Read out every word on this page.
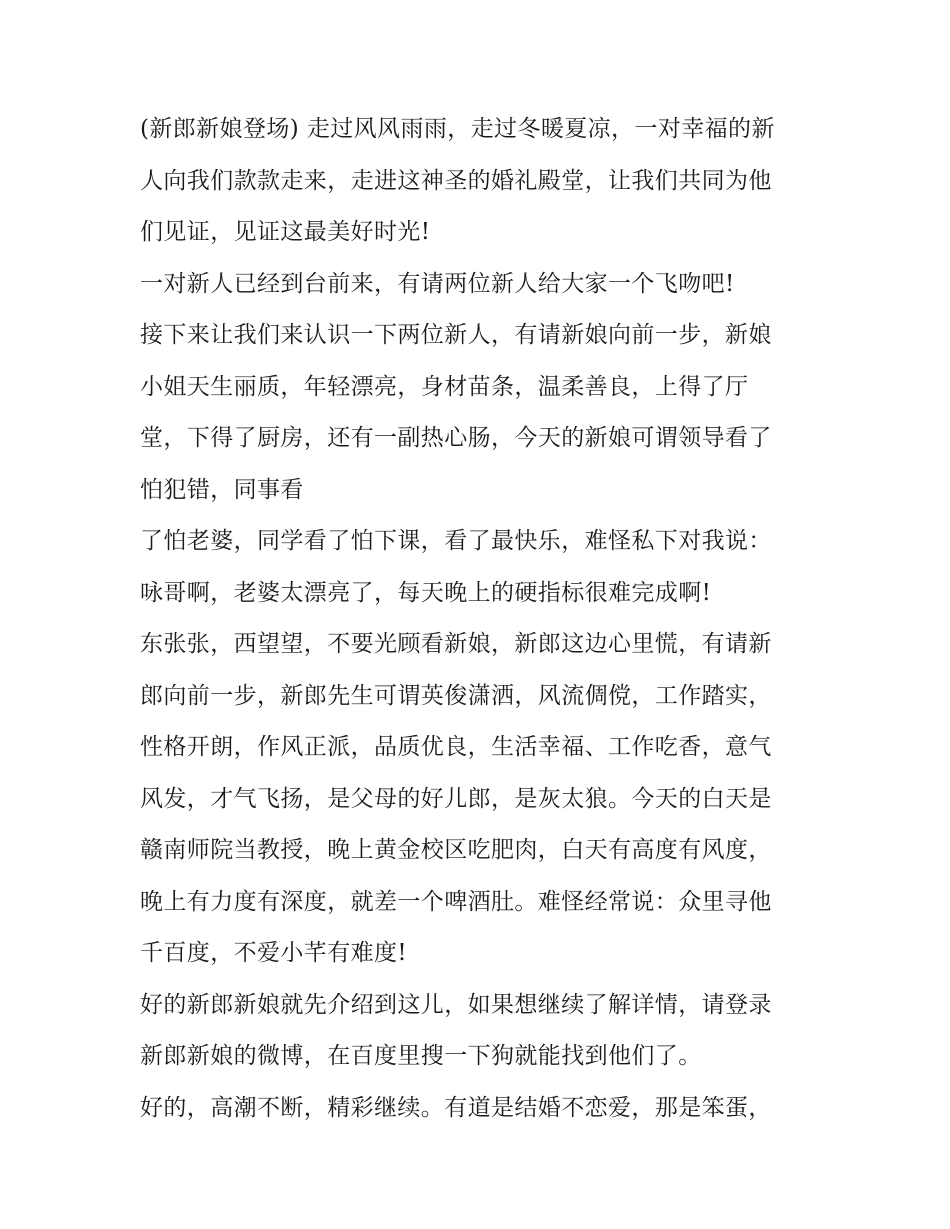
(新郎新娘登场) 走过风风雨雨，走过冬暖夏凉，一对幸福的新
人向我们款款走来，走进这神圣的婚礼殿堂，让我们共同为他
们见证，见证这最美好时光!
一对新人已经到台前来，有请两位新人给大家一个飞吻吧!
接下来让我们来认识一下两位新人，有请新娘向前一步，新娘
小姐天生丽质，年轻漂亮，身材苗条，温柔善良，上得了厅
堂，下得了厨房，还有一副热心肠，今天的新娘可谓领导看了
怕犯错，同事看
了怕老婆，同学看了怕下课，看了最快乐，难怪私下对我说：
咏哥啊，老婆太漂亮了，每天晚上的硬指标很难完成啊!
东张张，西望望，不要光顾看新娘，新郎这边心里慌，有请新
郎向前一步，新郎先生可谓英俊潇洒，风流倜傥，工作踏实，
性格开朗，作风正派，品质优良，生活幸福、工作吃香，意气
风发，才气飞扬，是父母的好儿郎，是灰太狼。今天的白天是
赣南师院当教授，晚上黄金校区吃肥肉，白天有高度有风度，
晚上有力度有深度，就差一个啤酒肚。难怪经常说：众里寻他
千百度，不爱小芊有难度!
好的新郎新娘就先介绍到这儿，如果想继续了解详情，请登录
新郎新娘的微博，在百度里搜一下狗就能找到他们了。
好的，高潮不断，精彩继续。有道是结婚不恋爱，那是笨蛋，
